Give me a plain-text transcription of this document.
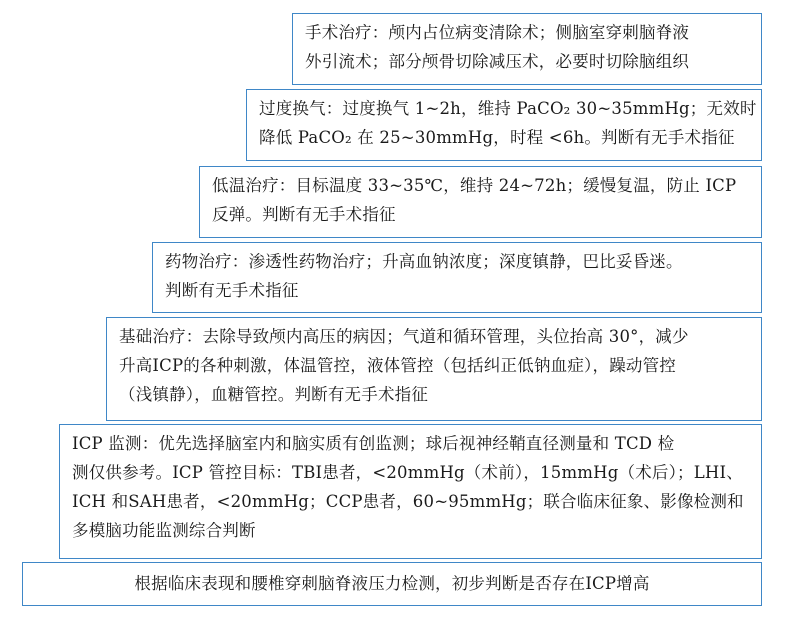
手术治疗：颅内占位病变清除术；侧脑室穿刺脑脊液
外引流术；部分颅骨切除减压术，必要时切除脑组织
过度换气：过度换气 1~2h，维持 PaCO₂ 30~35mmHg；无效时
降低 PaCO₂ 在 25~30mmHg，时程 <6h。判断有无手术指征
低温治疗：目标温度 33~35℃，维持 24~72h；缓慢复温，防止 ICP
反弹。判断有无手术指征
药物治疗：渗透性药物治疗；升高血钠浓度；深度镇静，巴比妥昏迷。
判断有无手术指征
基础治疗：去除导致颅内高压的病因；气道和循环管理，头位抬高 30°，减少
升高ICP的各种刺激，体温管控，液体管控（包括纠正低钠血症），躁动管控
（浅镇静），血糖管控。判断有无手术指征
ICP 监测：优先选择脑室内和脑实质有创监测；球后视神经鞘直径测量和 TCD 检
测仅供参考。ICP 管控目标：TBI患者，<20mmHg（术前），15mmHg（术后）；LHI、
ICH 和SAH患者，<20mmHg；CCP患者，60~95mmHg；联合临床征象、影像检测和
多模脑功能监测综合判断
根据临床表现和腰椎穿刺脑脊液压力检测，初步判断是否存在ICP增高
